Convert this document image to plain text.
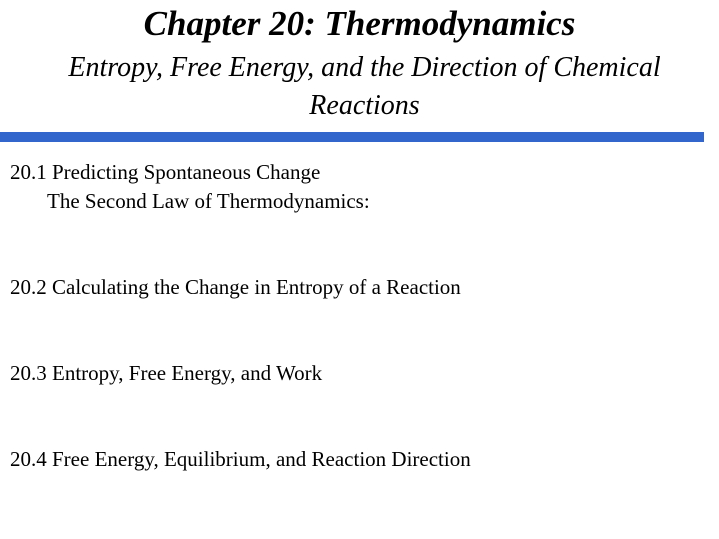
Chapter 20: Thermodynamics
Entropy, Free Energy, and the Direction of Chemical Reactions
20.1 Predicting Spontaneous Change
The Second Law of Thermodynamics:
20.2 Calculating the Change in Entropy of a Reaction
20.3 Entropy, Free Energy, and Work
20.4 Free Energy, Equilibrium, and Reaction Direction
